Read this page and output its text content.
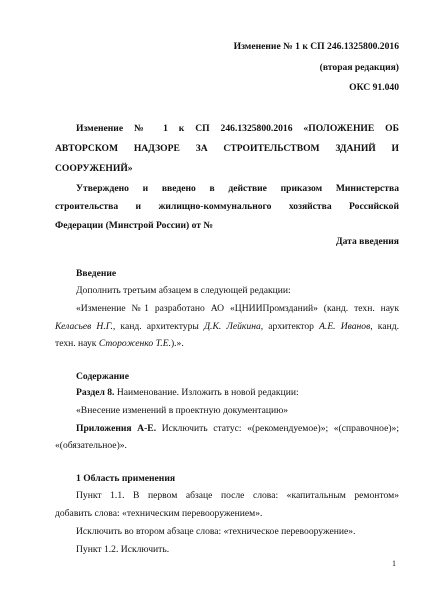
Изменение № 1 к СП 246.1325800.2016
(вторая редакция)
ОКС 91.040
Изменение № 1 к СП 246.1325800.2016 «ПОЛОЖЕНИЕ ОБ
АВТОРСКОМ НАДЗОРЕ ЗА СТРОИТЕЛЬСТВОМ ЗДАНИЙ И
СООРУЖЕНИЙ»
Утверждено и введено в действие приказом Министерства
строительства и жилищно-коммунального хозяйства Российской
Федерации (Минстрой России) от №
Дата введения
Введение
Дополнить третьим абзацем в следующей редакции:
«Изменение №1 разработано АО «ЦНИИПромзданий» (канд. техн. наук
Келасьев Н.Г., канд. архитектуры Д.К. Лейкина, архитектор А.Е. Иванов, канд.
техн. наук Стороженко Т.Е.).».
Содержание
Раздел 8. Наименование. Изложить в новой редакции:
«Внесение изменений в проектную документацию»
Приложения А-Е. Исключить статус: «(рекомендуемое)»; «(справочное)»;
«(обязательное)».
1 Область применения
Пункт 1.1. В первом абзаце после слова: «капитальным ремонтом»
добавить слова: «техническим перевооружением».
Исключить во втором абзаце слова: «техническое перевооружение».
Пункт 1.2. Исключить.
1
